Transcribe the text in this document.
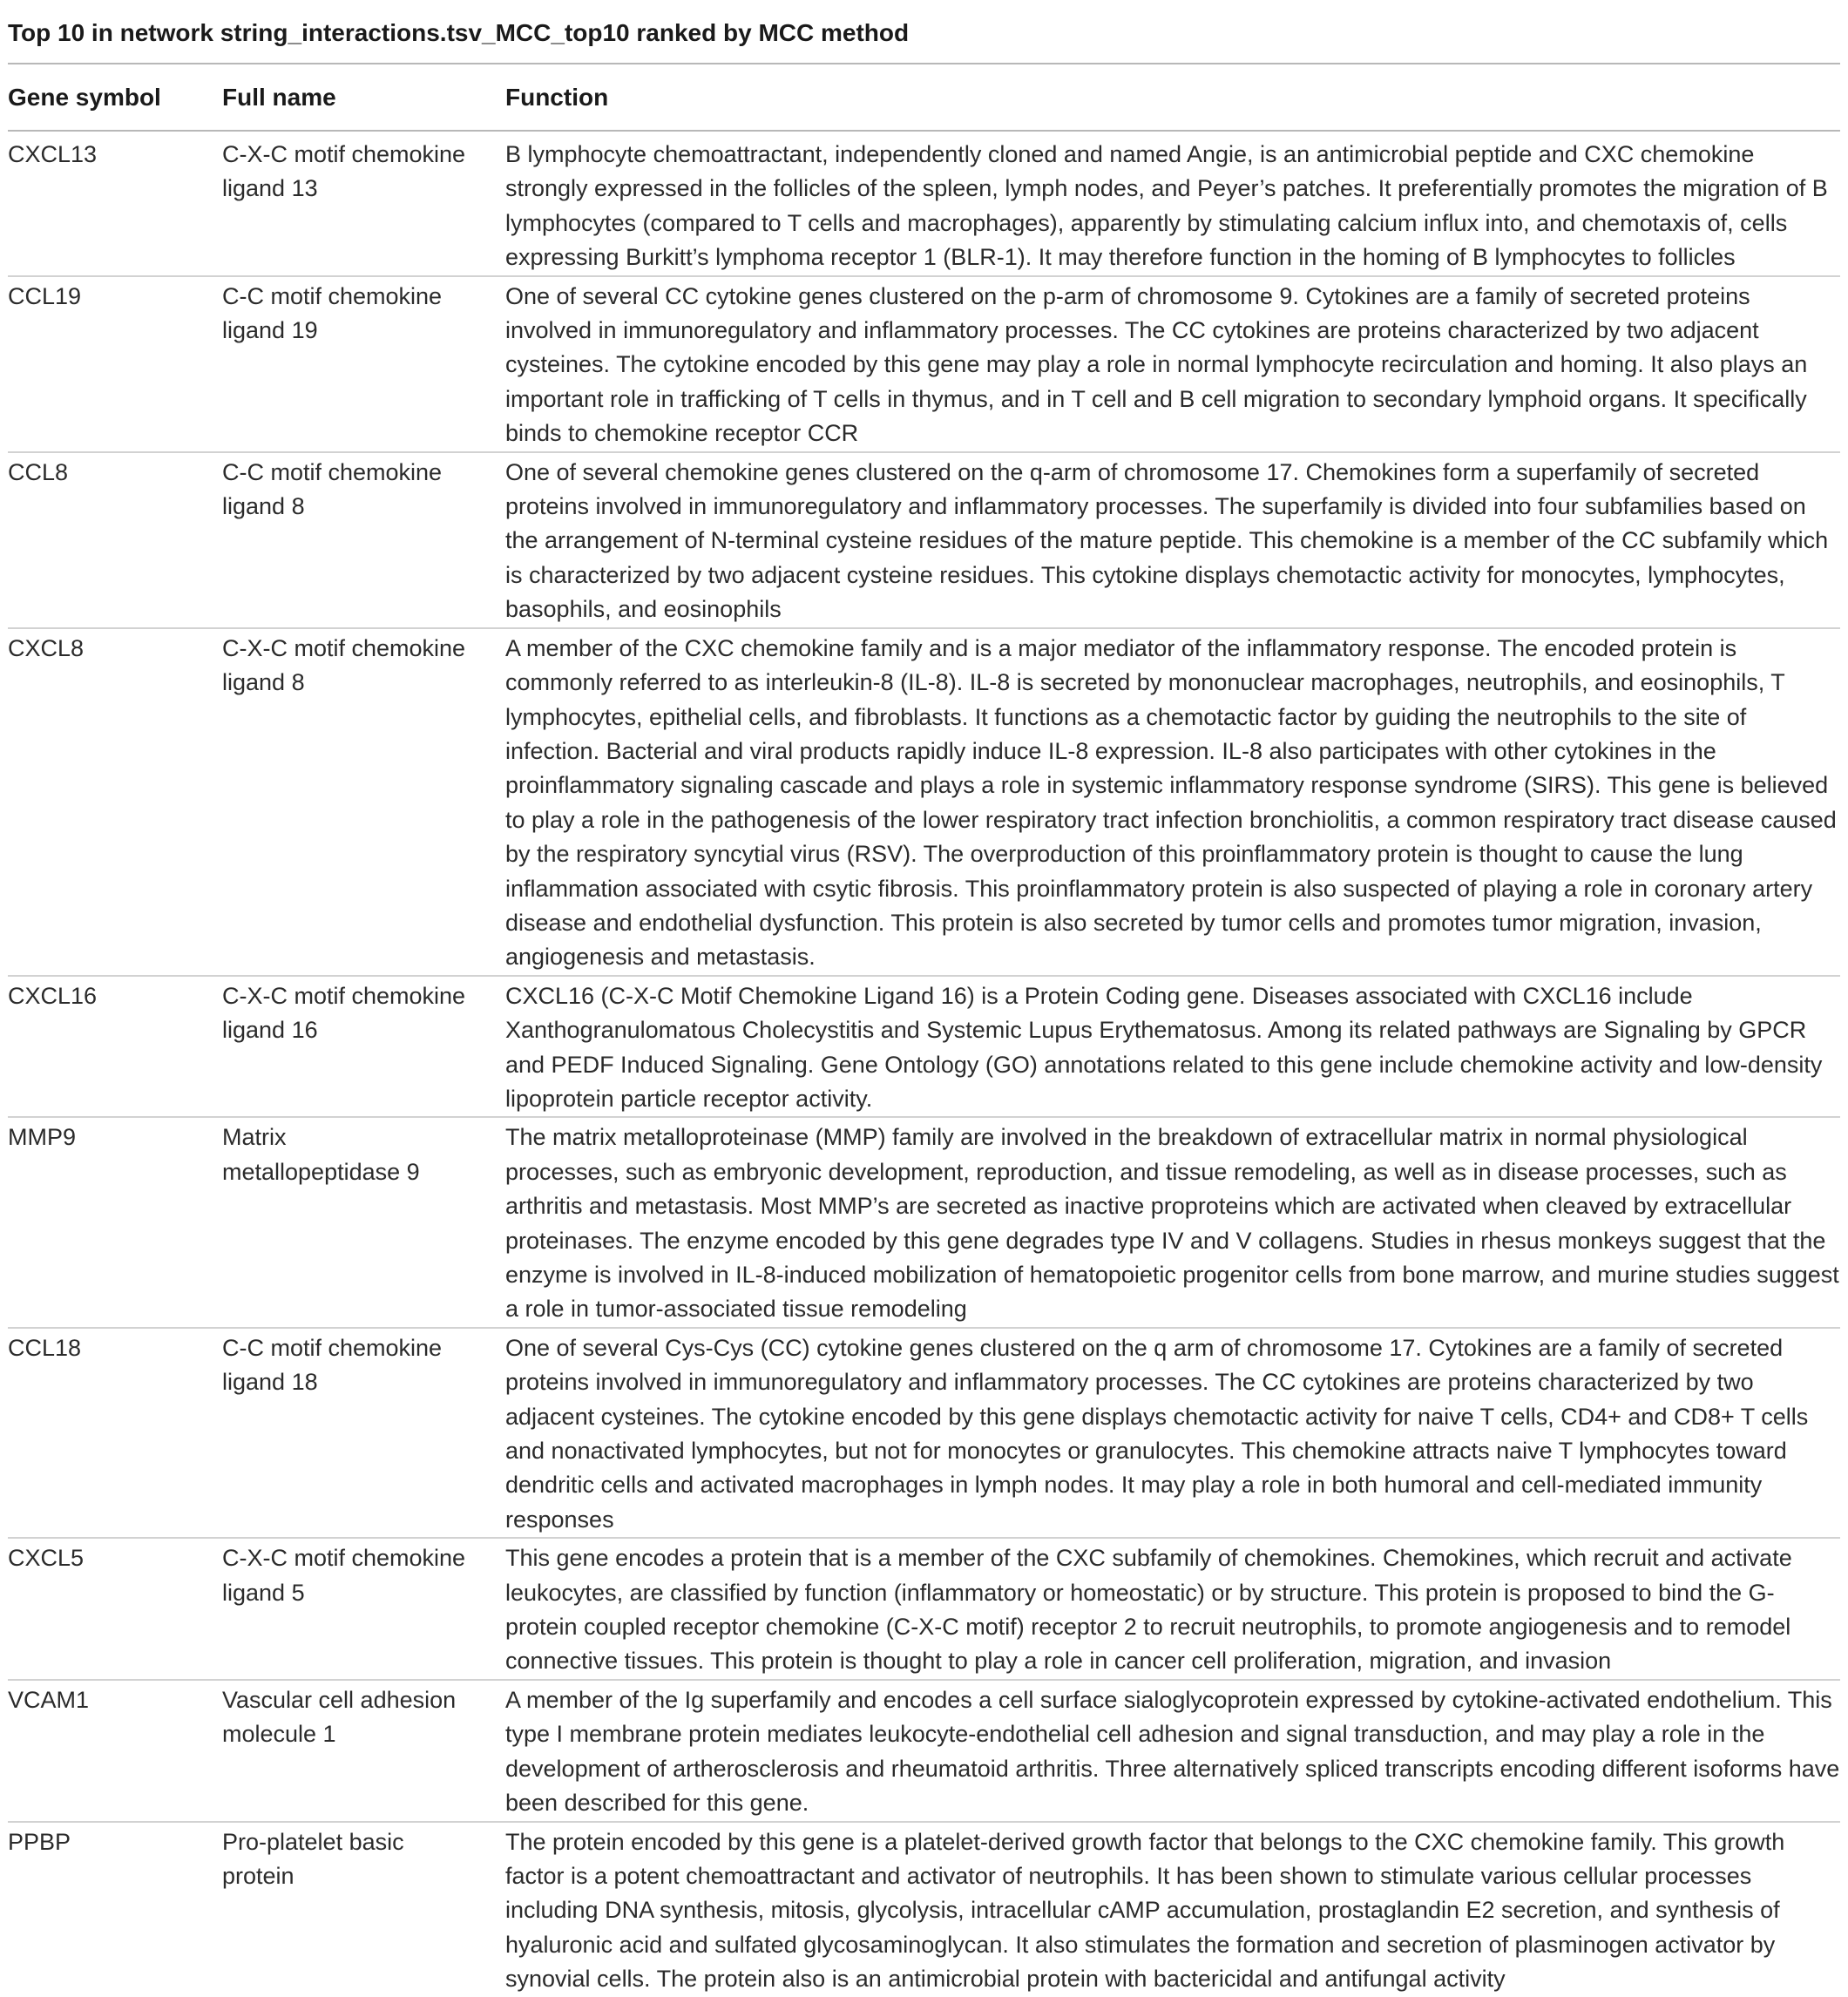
Top 10 in network string_interactions.tsv_MCC_top10 ranked by MCC method
Gene symbol	Full name	Function
CXCL13	C-X-C motif chemokine ligand 13	B lymphocyte chemoattractant, independently cloned and named Angie, is an antimicrobial peptide and CXC chemokine strongly expressed in the follicles of the spleen, lymph nodes, and Peyer’s patches. It preferentially promotes the migration of B lymphocytes (compared to T cells and macrophages), apparently by stimulating calcium influx into, and chemotaxis of, cells expressing Burkitt’s lymphoma receptor 1 (BLR-1). It may therefore function in the homing of B lymphocytes to follicles
CCL19	C-C motif chemokine ligand 19	One of several CC cytokine genes clustered on the p-arm of chromosome 9. Cytokines are a family of secreted proteins involved in immunoregulatory and inflammatory processes. The CC cytokines are proteins characterized by two adjacent cysteines. The cytokine encoded by this gene may play a role in normal lymphocyte recirculation and homing. It also plays an important role in trafficking of T cells in thymus, and in T cell and B cell migration to secondary lymphoid organs. It specifically binds to chemokine receptor CCR
CCL8	C-C motif chemokine ligand 8	One of several chemokine genes clustered on the q-arm of chromosome 17. Chemokines form a superfamily of secreted proteins involved in immunoregulatory and inflammatory processes. The superfamily is divided into four subfamilies based on the arrangement of N-terminal cysteine residues of the mature peptide. This chemokine is a member of the CC subfamily which is characterized by two adjacent cysteine residues. This cytokine displays chemotactic activity for monocytes, lymphocytes, basophils, and eosinophils
CXCL8	C-X-C motif chemokine ligand 8	A member of the CXC chemokine family and is a major mediator of the inflammatory response. The encoded protein is commonly referred to as interleukin-8 (IL-8). IL-8 is secreted by mononuclear macrophages, neutrophils, and eosinophils, T lymphocytes, epithelial cells, and fibroblasts. It functions as a chemotactic factor by guiding the neutrophils to the site of infection. Bacterial and viral products rapidly induce IL-8 expression. IL-8 also participates with other cytokines in the proinflammatory signaling cascade and plays a role in systemic inflammatory response syndrome (SIRS). This gene is believed to play a role in the pathogenesis of the lower respiratory tract infection bronchiolitis, a common respiratory tract disease caused by the respiratory syncytial virus (RSV). The overproduction of this proinflammatory protein is thought to cause the lung inflammation associated with csytic fibrosis. This proinflammatory protein is also suspected of playing a role in coronary artery disease and endothelial dysfunction. This protein is also secreted by tumor cells and promotes tumor migration, invasion, angiogenesis and metastasis.
CXCL16	C-X-C motif chemokine ligand 16	CXCL16 (C-X-C Motif Chemokine Ligand 16) is a Protein Coding gene. Diseases associated with CXCL16 include Xanthogranulomatous Cholecystitis and Systemic Lupus Erythematosus. Among its related pathways are Signaling by GPCR and PEDF Induced Signaling. Gene Ontology (GO) annotations related to this gene include chemokine activity and low-density lipoprotein particle receptor activity.
MMP9	Matrix metallopeptidase 9	The matrix metalloproteinase (MMP) family are involved in the breakdown of extracellular matrix in normal physiological processes, such as embryonic development, reproduction, and tissue remodeling, as well as in disease processes, such as arthritis and metastasis. Most MMP’s are secreted as inactive proproteins which are activated when cleaved by extracellular proteinases. The enzyme encoded by this gene degrades type IV and V collagens. Studies in rhesus monkeys suggest that the enzyme is involved in IL-8-induced mobilization of hematopoietic progenitor cells from bone marrow, and murine studies suggest a role in tumor-associated tissue remodeling
CCL18	C-C motif chemokine ligand 18	One of several Cys-Cys (CC) cytokine genes clustered on the q arm of chromosome 17. Cytokines are a family of secreted proteins involved in immunoregulatory and inflammatory processes. The CC cytokines are proteins characterized by two adjacent cysteines. The cytokine encoded by this gene displays chemotactic activity for naive T cells, CD4+ and CD8+ T cells and nonactivated lymphocytes, but not for monocytes or granulocytes. This chemokine attracts naive T lymphocytes toward dendritic cells and activated macrophages in lymph nodes. It may play a role in both humoral and cell-mediated immunity responses
CXCL5	C-X-C motif chemokine ligand 5	This gene encodes a protein that is a member of the CXC subfamily of chemokines. Chemokines, which recruit and activate leukocytes, are classified by function (inflammatory or homeostatic) or by structure. This protein is proposed to bind the G-protein coupled receptor chemokine (C-X-C motif) receptor 2 to recruit neutrophils, to promote angiogenesis and to remodel connective tissues. This protein is thought to play a role in cancer cell proliferation, migration, and invasion
VCAM1	Vascular cell adhesion molecule 1	A member of the Ig superfamily and encodes a cell surface sialoglycoprotein expressed by cytokine-activated endothelium. This type I membrane protein mediates leukocyte-endothelial cell adhesion and signal transduction, and may play a role in the development of artherosclerosis and rheumatoid arthritis. Three alternatively spliced transcripts encoding different isoforms have been described for this gene.
PPBP	Pro-platelet basic protein	The protein encoded by this gene is a platelet-derived growth factor that belongs to the CXC chemokine family. This growth factor is a potent chemoattractant and activator of neutrophils. It has been shown to stimulate various cellular processes including DNA synthesis, mitosis, glycolysis, intracellular cAMP accumulation, prostaglandin E2 secretion, and synthesis of hyaluronic acid and sulfated glycosaminoglycan. It also stimulates the formation and secretion of plasminogen activator by synovial cells. The protein also is an antimicrobial protein with bactericidal and antifungal activity
